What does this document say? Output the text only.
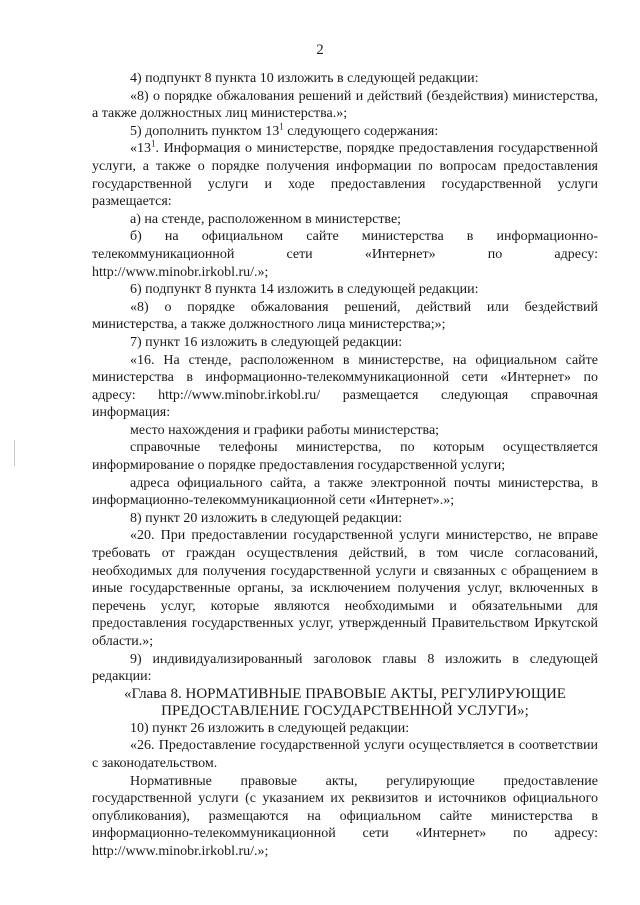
2

4) подпункт 8 пункта 10 изложить в следующей редакции:

«8) о порядке обжалования решений и действий (бездействия) министерства, а также должностных лиц министерства.»;

5) дополнить пунктом $13^1$ следующего содержания:

«$13^1$. Информация о министерстве, порядке предоставления государственной услуги, а также о порядке получения информации по вопросам предоставления государственной услуги и ходе предоставления государственной услуги размещается:

а) на стенде, расположенном в министерстве;

б) на официальном сайте министерства в информационно-телекоммуникационной сети «Интернет» по адресу:

http://www.minobr.irkobl.ru/.»;

6) подпункт 8 пункта 14 изложить в следующей редакции:

«8) о порядке обжалования решений, действий или бездействий министерства, а также должностного лица министерства;»;

7) пункт 16 изложить в следующей редакции:

«16. На стенде, расположенном в министерстве, на официальном сайте министерства в информационно-телекоммуникационной сети «Интернет» по адресу: http://www.minobr.irkobl.ru/ размещается следующая справочная информация:

место нахождения и графики работы министерства;

справочные телефоны министерства, по которым осуществляется информирование о порядке предоставления государственной услуги;

адреса официального сайта, а также электронной почты министерства, в информационно-телекоммуникационной сети «Интернет».»;

8) пункт 20 изложить в следующей редакции:

«20. При предоставлении государственной услуги министерство, не вправе требовать от граждан осуществления действий, в том числе согласований, необходимых для получения государственной услуги и связанных с обращением в иные государственные органы, за исключением получения услуг, включенных в перечень услуг, которые являются необходимыми и обязательными для предоставления государственных услуг, утвержденный Правительством Иркутской области.»;

9) индивидуализированный заголовок главы 8 изложить в следующей редакции:

«Глава 8. НОРМАТИВНЫЕ ПРАВОВЫЕ АКТЫ, РЕГУЛИРУЮЩИЕ

ПРЕДОСТАВЛЕНИЕ ГОСУДАРСТВЕННОЙ УСЛУГИ»;

10) пункт 26 изложить в следующей редакции:

«26. Предоставление государственной услуги осуществляется в соответствии с законодательством.

Нормативные правовые акты, регулирующие предоставление государственной услуги (с указанием их реквизитов и источников официального опубликования), размещаются на официальном сайте министерства в информационно-телекоммуникационной сети «Интернет» по адресу: http://www.minobr.irkobl.ru/.»;
